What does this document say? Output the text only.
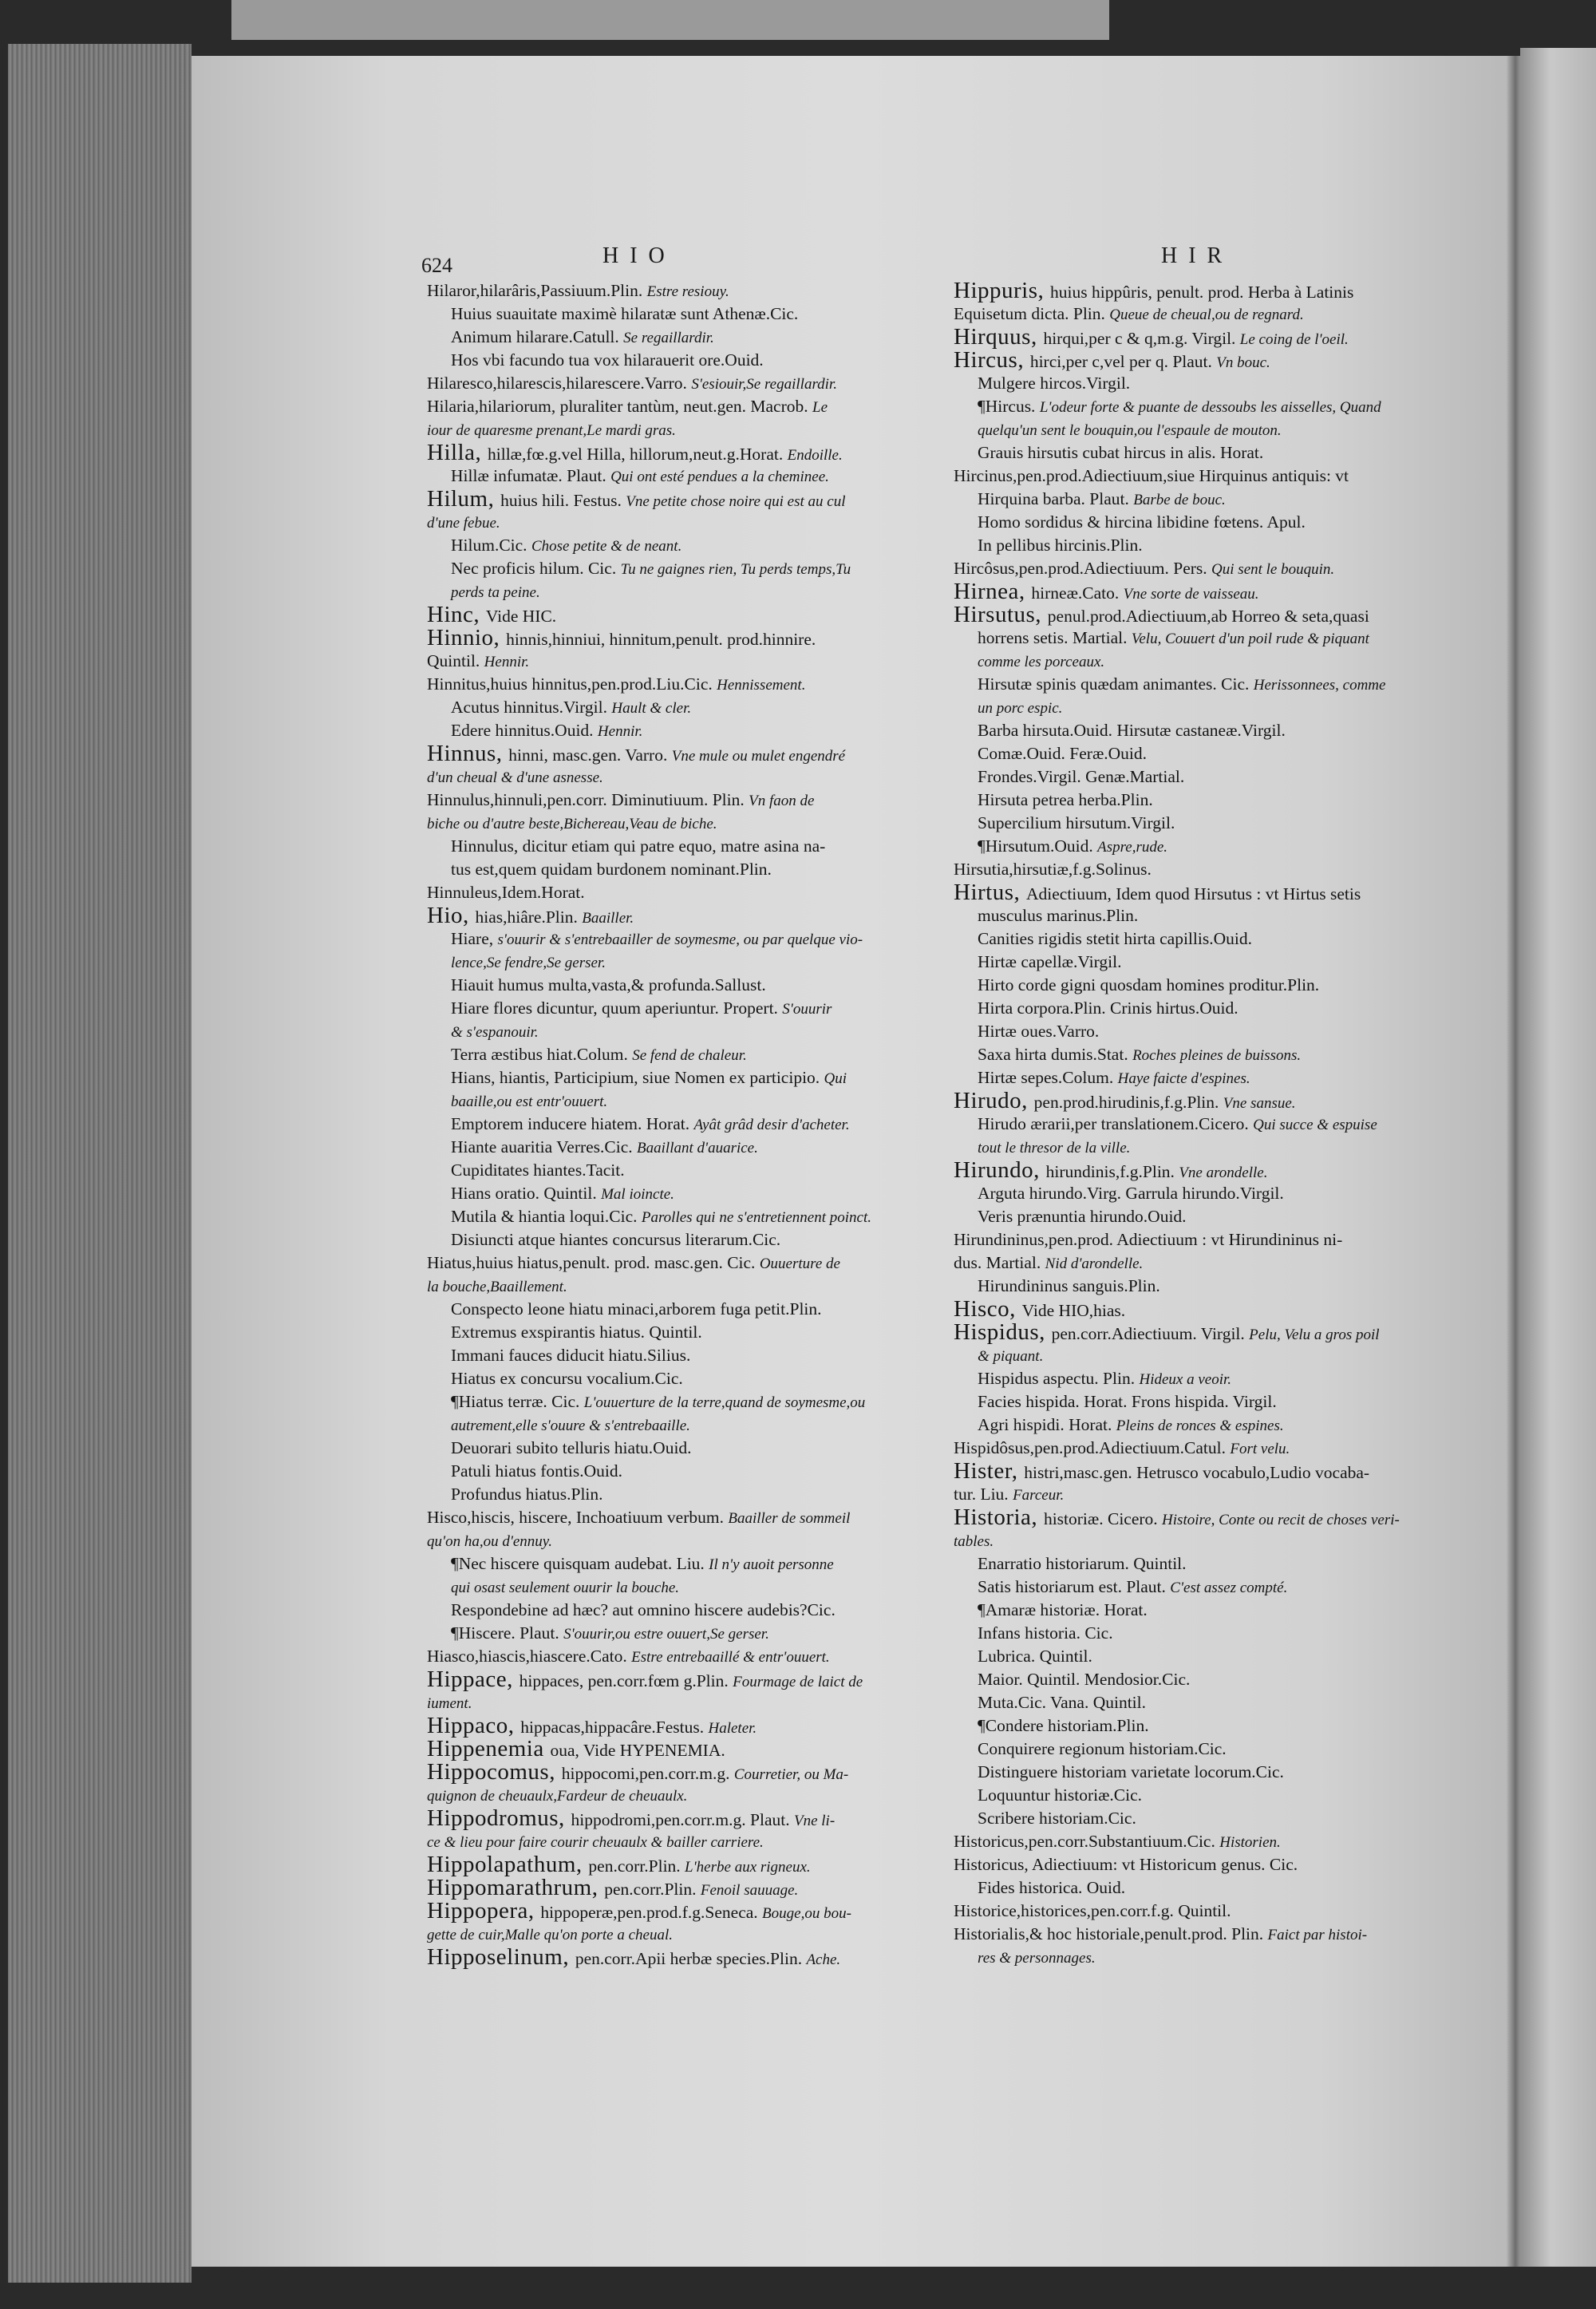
624	HIO	HIR
Hilaror,hilarâris,Passiuum.Plin. Estre resiouy.
Huius suauitate maximè hilaratæ sunt Athenæ.Cic.
Animum hilarare.Catull. Se regaillardir.
Hos vbi facundo tua vox hilarauerit ore.Ouid.
Hilaresco,hilarescis,hilarescere.Varro. S'esiouir,Se regaillardir.
Hilaria,hilariorum, pluraliter tantùm, neut.gen. Macrob. Le
iour de quaresme prenant,Le mardi gras.
Hilla, hillæ,fœ.g.vel Hilla, hillorum,neut.g.Horat. Endoille.
Hillæ infumatæ. Plaut. Qui ont esté pendues a la cheminee.
Hilum, huius hili. Festus. Vne petite chose noire qui est au cul
d'une febue.
Hilum.Cic. Chose petite & de neant.
Nec proficis hilum. Cic. Tu ne gaignes rien, Tu perds temps,Tu
perds ta peine.
Hinc, Vide HIC.
Hinnio, hinnis,hinniui, hinnitum,penult. prod.hinnire.
Quintil. Hennir.
Hinnitus,huius hinnitus,pen.prod.Liu.Cic. Hennissement.
Acutus hinnitus.Virgil. Hault & cler.
Edere hinnitus.Ouid. Hennir.
Hinnus, hinni, masc.gen. Varro. Vne mule ou mulet engendré
d'un cheual & d'une asnesse.
Hinnulus,hinnuli,pen.corr. Diminutiuum. Plin. Vn faon de
biche ou d'autre beste,Bichereau,Veau de biche.
Hinnulus, dicitur etiam qui patre equo, matre asina na-
tus est,quem quidam burdonem nominant.Plin.
Hinnuleus,Idem.Horat.
Hio, hias,hiâre.Plin. Baailler.
Hiare, s'ouurir & s'entrebaailler de soymesme, ou par quelque vio-
lence,Se fendre,Se gerser.
Hiauit humus multa,vasta,& profunda.Sallust.
Hiare flores dicuntur, quum aperiuntur. Propert. S'ouurir
& s'espanouir.
Terra æstibus hiat.Colum. Se fend de chaleur.
Hians, hiantis, Participium, siue Nomen ex participio. Qui
baaille,ou est entr'ouuert.
Emptorem inducere hiatem. Horat. Ayât grâd desir d'acheter.
Hiante auaritia Verres.Cic. Baaillant d'auarice.
Cupiditates hiantes.Tacit.
Hians oratio. Quintil. Mal ioincte.
Mutila & hiantia loqui.Cic. Parolles qui ne s'entretiennent poinct.
Disiuncti atque hiantes concursus literarum.Cic.
Hiatus,huius hiatus,penult. prod. masc.gen. Cic. Ouuerture de
la bouche,Baaillement.
Conspecto leone hiatu minaci,arborem fuga petit.Plin.
Extremus exspirantis hiatus. Quintil.
Immani fauces diducit hiatu.Silius.
Hiatus ex concursu vocalium.Cic.
¶Hiatus terræ. Cic. L'ouuerture de la terre,quand de soymesme,ou
autrement,elle s'ouure & s'entrebaaille.
Deuorari subito telluris hiatu.Ouid.
Patuli hiatus fontis.Ouid.
Profundus hiatus.Plin.
Hisco,hiscis, hiscere, Inchoatiuum verbum. Baailler de sommeil
qu'on ha,ou d'ennuy.
¶Nec hiscere quisquam audebat. Liu. Il n'y auoit personne
qui osast seulement ouurir la bouche.
Respondebine ad hæc? aut omnino hiscere audebis?Cic.
¶Hiscere. Plaut. S'ouurir,ou estre ouuert,Se gerser.
Hiasco,hiascis,hiascere.Cato. Estre entrebaaillé & entr'ouuert.
Hippace, hippaces, pen.corr.fœm g.Plin. Fourmage de laict de
iument.
Hippaco, hippacas,hippacâre.Festus. Haleter.
Hippenemia oua, Vide HYPENEMIA.
Hippocomus, hippocomi,pen.corr.m.g. Courretier, ou Ma-
quignon de cheuaulx,Fardeur de cheuaulx.
Hippodromus, hippodromi,pen.corr.m.g. Plaut. Vne li-
ce & lieu pour faire courir cheuaulx & bailler carriere.
Hippolapathum, pen.corr.Plin. L'herbe aux rigneux.
Hippomarathrum, pen.corr.Plin. Fenoil sauuage.
Hippopera, hippoperæ,pen.prod.f.g.Seneca. Bouge,ou bou-
gette de cuir,Malle qu'on porte a cheual.
Hipposelinum, pen.corr.Apii herbæ species.Plin. Ache.
Hippuris, huius hippûris, penult. prod. Herba à Latinis
Equisetum dicta. Plin. Queue de cheual,ou de regnard.
Hirquus, hirqui,per c & q,m.g. Virgil. Le coing de l'oeil.
Hircus, hirci,per c,vel per q. Plaut. Vn bouc.
Mulgere hircos.Virgil.
¶Hircus. L'odeur forte & puante de dessoubs les aisselles, Quand
quelqu'un sent le bouquin,ou l'espaule de mouton.
Grauis hirsutis cubat hircus in alis. Horat.
Hircinus,pen.prod.Adiectiuum,siue Hirquinus antiquis: vt
Hirquina barba. Plaut. Barbe de bouc.
Homo sordidus & hircina libidine fœtens. Apul.
In pellibus hircinis.Plin.
Hircôsus,pen.prod.Adiectiuum. Pers. Qui sent le bouquin.
Hirnea, hirneæ.Cato. Vne sorte de vaisseau.
Hirsutus, penul.prod.Adiectiuum,ab Horreo & seta,quasi
horrens setis. Martial. Velu, Couuert d'un poil rude & piquant
comme les porceaux.
Hirsutæ spinis quædam animantes. Cic. Herissonnees, comme
un porc espic.
Barba hirsuta.Ouid. Hirsutæ castaneæ.Virgil.
Comæ.Ouid. Feræ.Ouid.
Frondes.Virgil. Genæ.Martial.
Hirsuta petrea herba.Plin.
Supercilium hirsutum.Virgil.
¶Hirsutum.Ouid. Aspre,rude.
Hirsutia,hirsutiæ,f.g.Solinus.
Hirtus, Adiectiuum, Idem quod Hirsutus : vt Hirtus setis
musculus marinus.Plin.
Canities rigidis stetit hirta capillis.Ouid.
Hirtæ capellæ.Virgil.
Hirto corde gigni quosdam homines proditur.Plin.
Hirta corpora.Plin. Crinis hirtus.Ouid.
Hirtæ oues.Varro.
Saxa hirta dumis.Stat. Roches pleines de buissons.
Hirtæ sepes.Colum. Haye faicte d'espines.
Hirudo, pen.prod.hirudinis,f.g.Plin. Vne sansue.
Hirudo ærarii,per translationem.Cicero. Qui succe & espuise
tout le thresor de la ville.
Hirundo, hirundinis,f.g.Plin. Vne arondelle.
Arguta hirundo.Virg. Garrula hirundo.Virgil.
Veris prænuntia hirundo.Ouid.
Hirundininus,pen.prod. Adiectiuum : vt Hirundininus ni-
dus. Martial. Nid d'arondelle.
Hirundininus sanguis.Plin.
Hisco, Vide HIO,hias.
Hispidus, pen.corr.Adiectiuum. Virgil. Pelu, Velu a gros poil
& piquant.
Hispidus aspectu. Plin. Hideux a veoir.
Facies hispida. Horat. Frons hispida. Virgil.
Agri hispidi. Horat. Pleins de ronces & espines.
Hispidôsus,pen.prod.Adiectiuum.Catul. Fort velu.
Hister, histri,masc.gen. Hetrusco vocabulo,Ludio vocaba-
tur. Liu. Farceur.
Historia, historiæ. Cicero. Histoire, Conte ou recit de choses veri-
tables.
Enarratio historiarum. Quintil.
Satis historiarum est. Plaut. C'est assez compté.
¶Amaræ historiæ. Horat.
Infans historia. Cic.
Lubrica. Quintil.
Maior. Quintil. Mendosior.Cic.
Muta.Cic. Vana. Quintil.
¶Condere historiam.Plin.
Conquirere regionum historiam.Cic.
Distinguere historiam varietate locorum.Cic.
Loquuntur historiæ.Cic.
Scribere historiam.Cic.
Historicus,pen.corr.Substantiuum.Cic. Historien.
Historicus, Adiectiuum: vt Historicum genus. Cic.
Fides historica. Ouid.
Historice,historices,pen.corr.f.g. Quintil.
Historialis,& hoc historiale,penult.prod. Plin. Faict par histoi-
res & personnages.
